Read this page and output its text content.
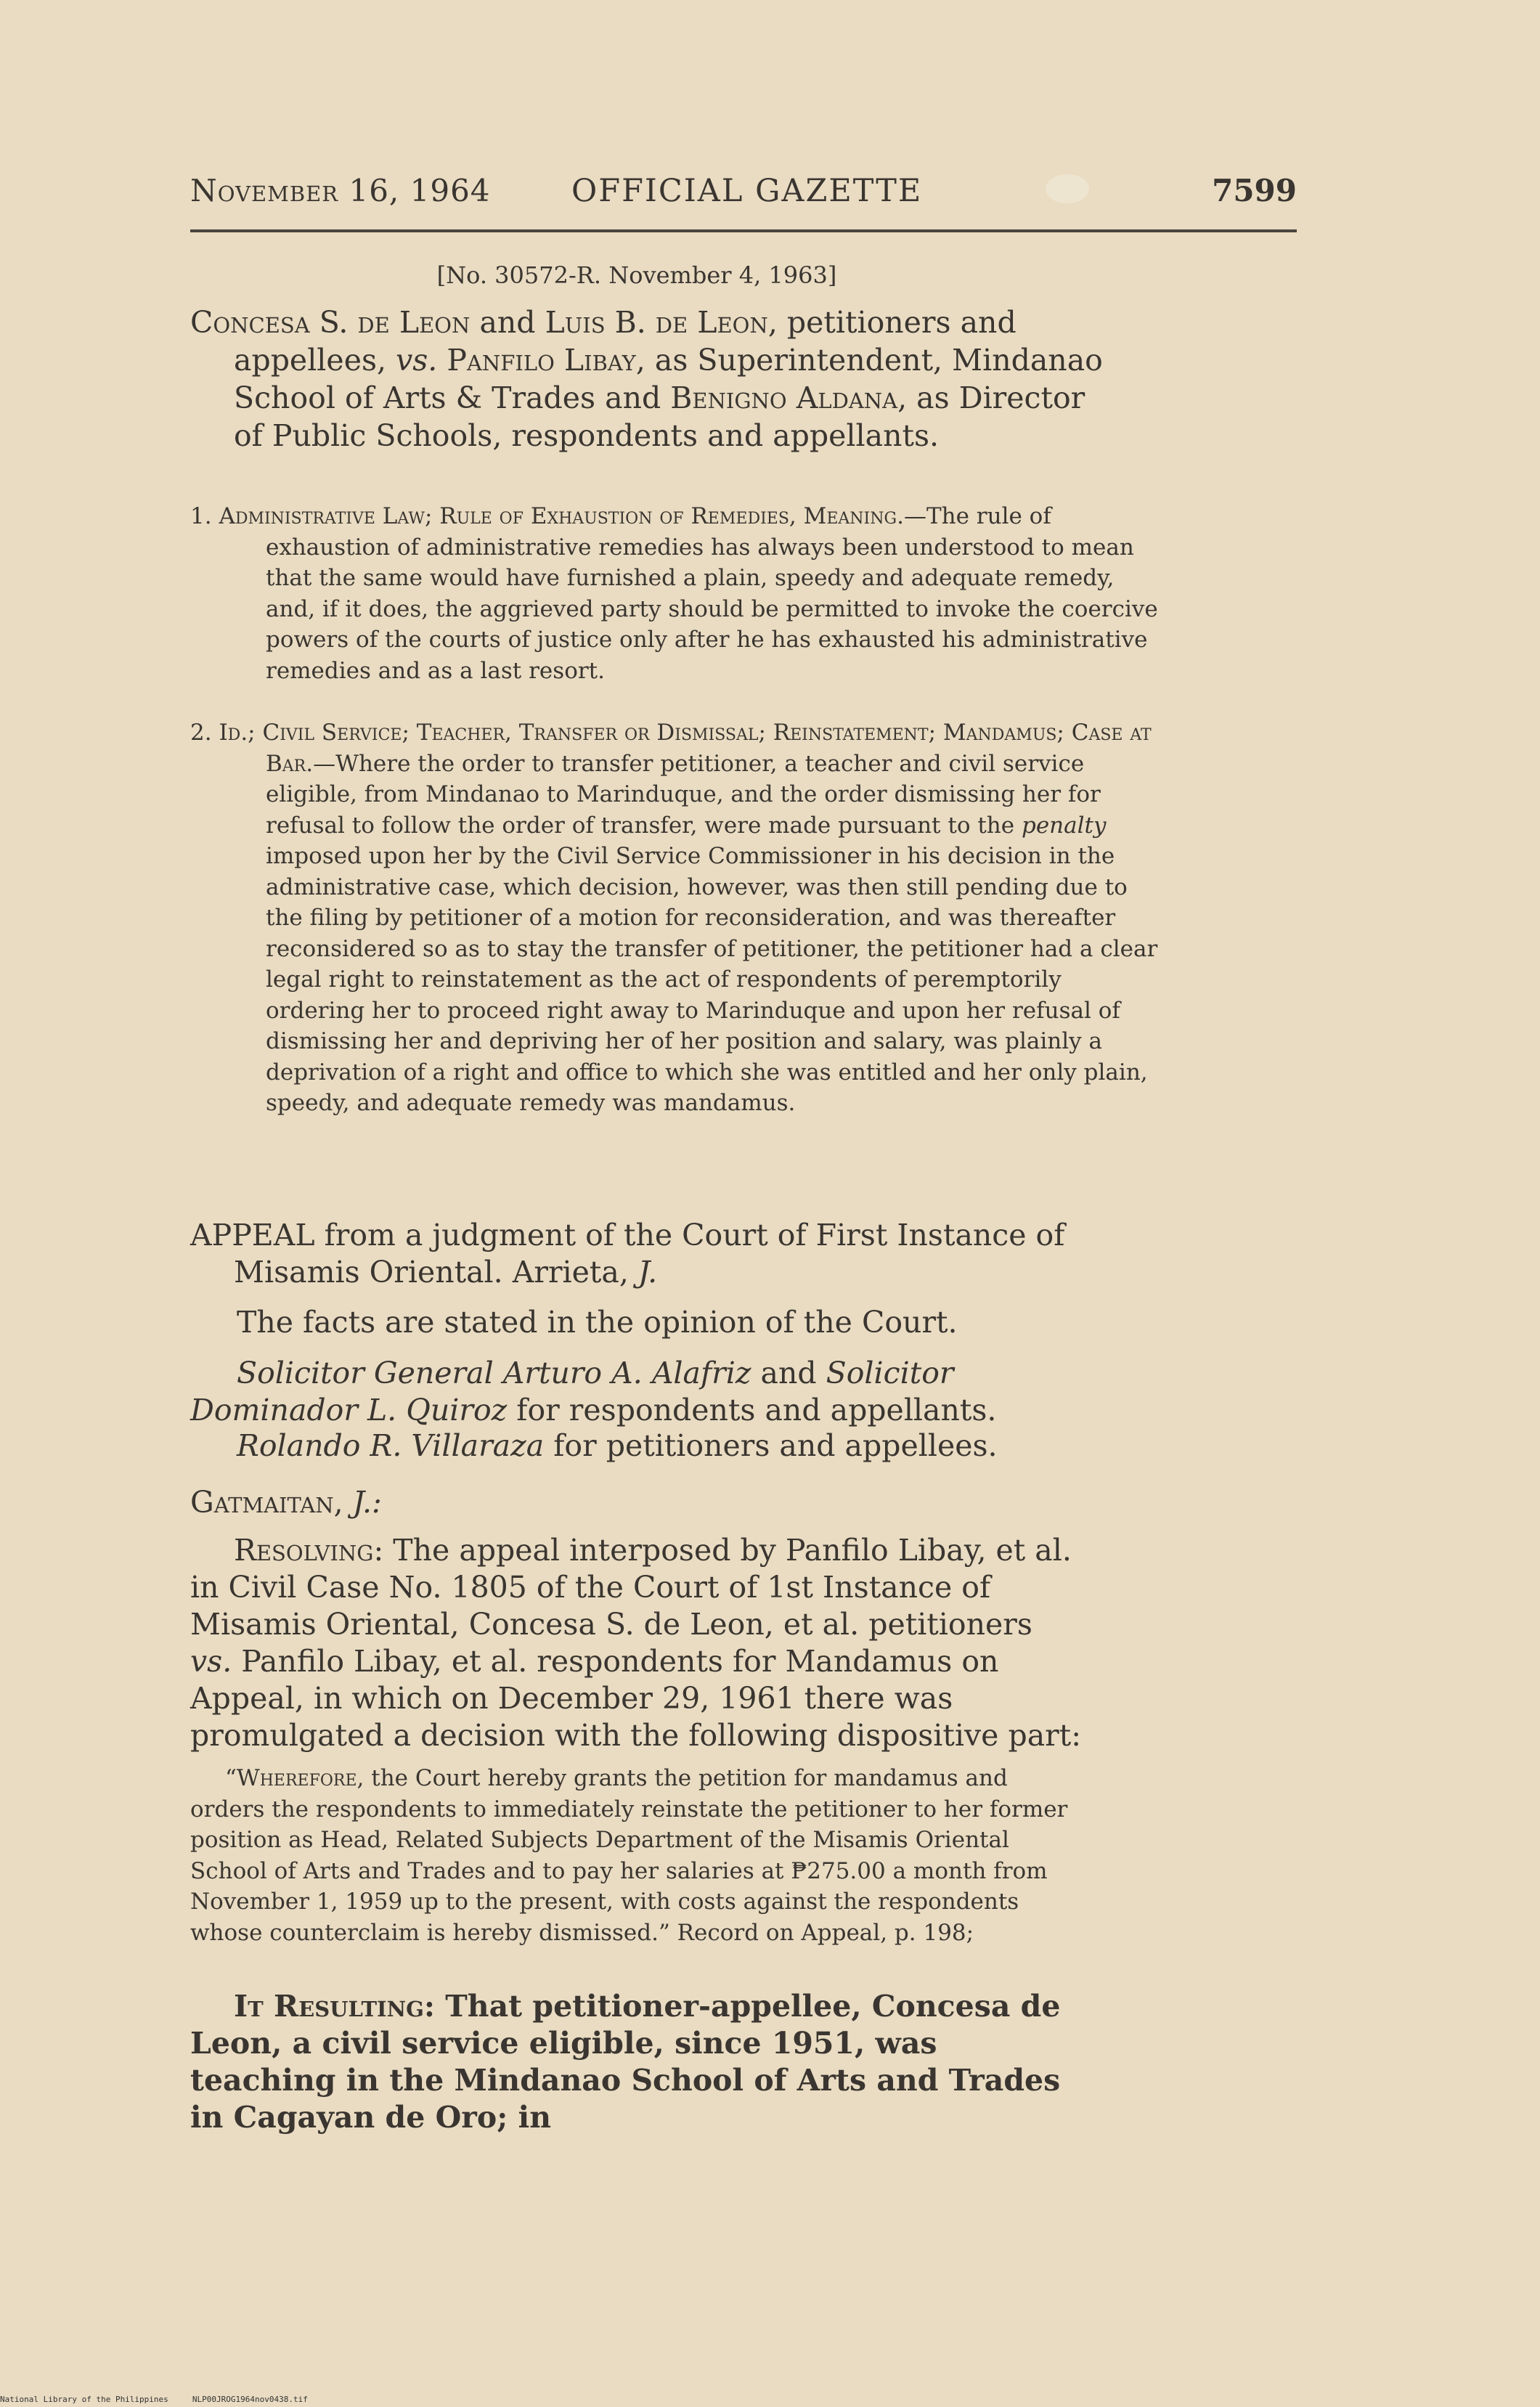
November 16, 1964	OFFICIAL GAZETTE	7599
[No. 30572-R. November 4, 1963]
Concesa S. de Leon and Luis B. de Leon, petitioners and appellees, vs. Panfilo Libay, as Superintendent, Mindanao School of Arts & Trades and Benigno Aldana, as Director of Public Schools, respondents and appellants.
1. Administrative Law; Rule of Exhaustion of Remedies, Meaning.—The rule of exhaustion of administrative remedies has always been understood to mean that the same would have furnished a plain, speedy and adequate remedy, and, if it does, the aggrieved party should be permitted to invoke the coercive powers of the courts of justice only after he has exhausted his administrative remedies and as a last resort.
2. Id.; Civil Service; Teacher, Transfer or Dismissal; Reinstatement; Mandamus; Case at Bar.—Where the order to transfer petitioner, a teacher and civil service eligible, from Mindanao to Marinduque, and the order dismissing her for refusal to follow the order of transfer, were made pursuant to the penalty imposed upon her by the Civil Service Commissioner in his decision in the administrative case, which decision, however, was then still pending due to the filing by petitioner of a motion for reconsideration, and was thereafter reconsidered so as to stay the transfer of petitioner, the petitioner had a clear legal right to reinstatement as the act of respondents of peremptorily ordering her to proceed right away to Marinduque and upon her refusal of dismissing her and depriving her of her position and salary, was plainly a deprivation of a right and office to which she was entitled and her only plain, speedy, and adequate remedy was mandamus.
APPEAL from a judgment of the Court of First Instance of Misamis Oriental. Arrieta, J.
The facts are stated in the opinion of the Court.
Solicitor General Arturo A. Alafriz and Solicitor Dominador L. Quiroz for respondents and appellants.
Rolando R. Villaraza for petitioners and appellees.
Gatmaitan, J.:
Resolving: The appeal interposed by Panfilo Libay, et al. in Civil Case No. 1805 of the Court of 1st Instance of Misamis Oriental, Concesa S. de Leon, et al. petitioners vs. Panfilo Libay, et al. respondents for Mandamus on Appeal, in which on December 29, 1961 there was promulgated a decision with the following dispositive part:
“Wherefore, the Court hereby grants the petition for mandamus and orders the respondents to immediately reinstate the petitioner to her former position as Head, Related Subjects Department of the Misamis Oriental School of Arts and Trades and to pay her salaries at ₱275.00 a month from November 1, 1959 up to the present, with costs against the respondents whose counterclaim is hereby dismissed.” Record on Appeal, p. 198;
It Resulting: That petitioner-appellee, Concesa de Leon, a civil service eligible, since 1951, was teaching in the Mindanao School of Arts and Trades in Cagayan de Oro; in
National Library of the Philippines	NLP00JROG1964nov0438.tif
